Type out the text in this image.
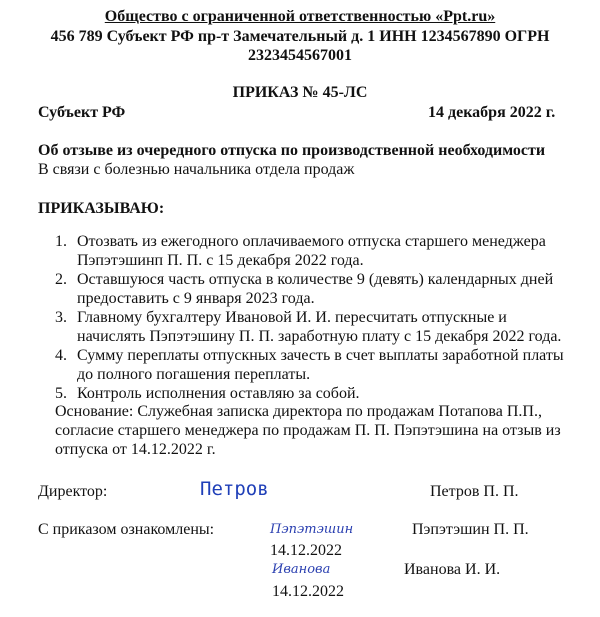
Общество с ограниченной ответственностью «Ppt.ru»
456 789 Субъект РФ пр-т Замечательный д. 1 ИНН 1234567890 ОГРН
2323454567001
ПРИКАЗ № 45-ЛС
Субъект РФ	14 декабря 2022 г.
Об отзыве из очередного отпуска по производственной необходимости
В связи с болезнью начальника отдела продаж
ПРИКАЗЫВАЮ:
1. Отозвать из ежегодного оплачиваемого отпуска старшего менеджера
Пэпэтэшинп П. П. с 15 декабря 2022 года.
2. Оставшуюся часть отпуска в количестве 9 (девять) календарных дней
предоставить с 9 января 2023 года.
3. Главному бухгалтеру Ивановой И. И. пересчитать отпускные и
начислять Пэпэтэшину П. П. заработную плату с 15 декабря 2022 года.
4. Сумму переплаты отпускных зачесть в счет выплаты заработной платы
до полного погашения переплаты.
5. Контроль исполнения оставляю за собой.
Основание: Служебная записка директора по продажам Потапова П.П.,
согласие старшего менеджера по продажам П. П. Пэпэтэшина на отзыв из
отпуска от 14.12.2022 г.
Директор:	Петров	Петров П. П.
С приказом ознакомлены:	Пэпэтэшин	Пэпэтэшин П. П.
14.12.2022
Иванова	Иванова И. И.
14.12.2022
